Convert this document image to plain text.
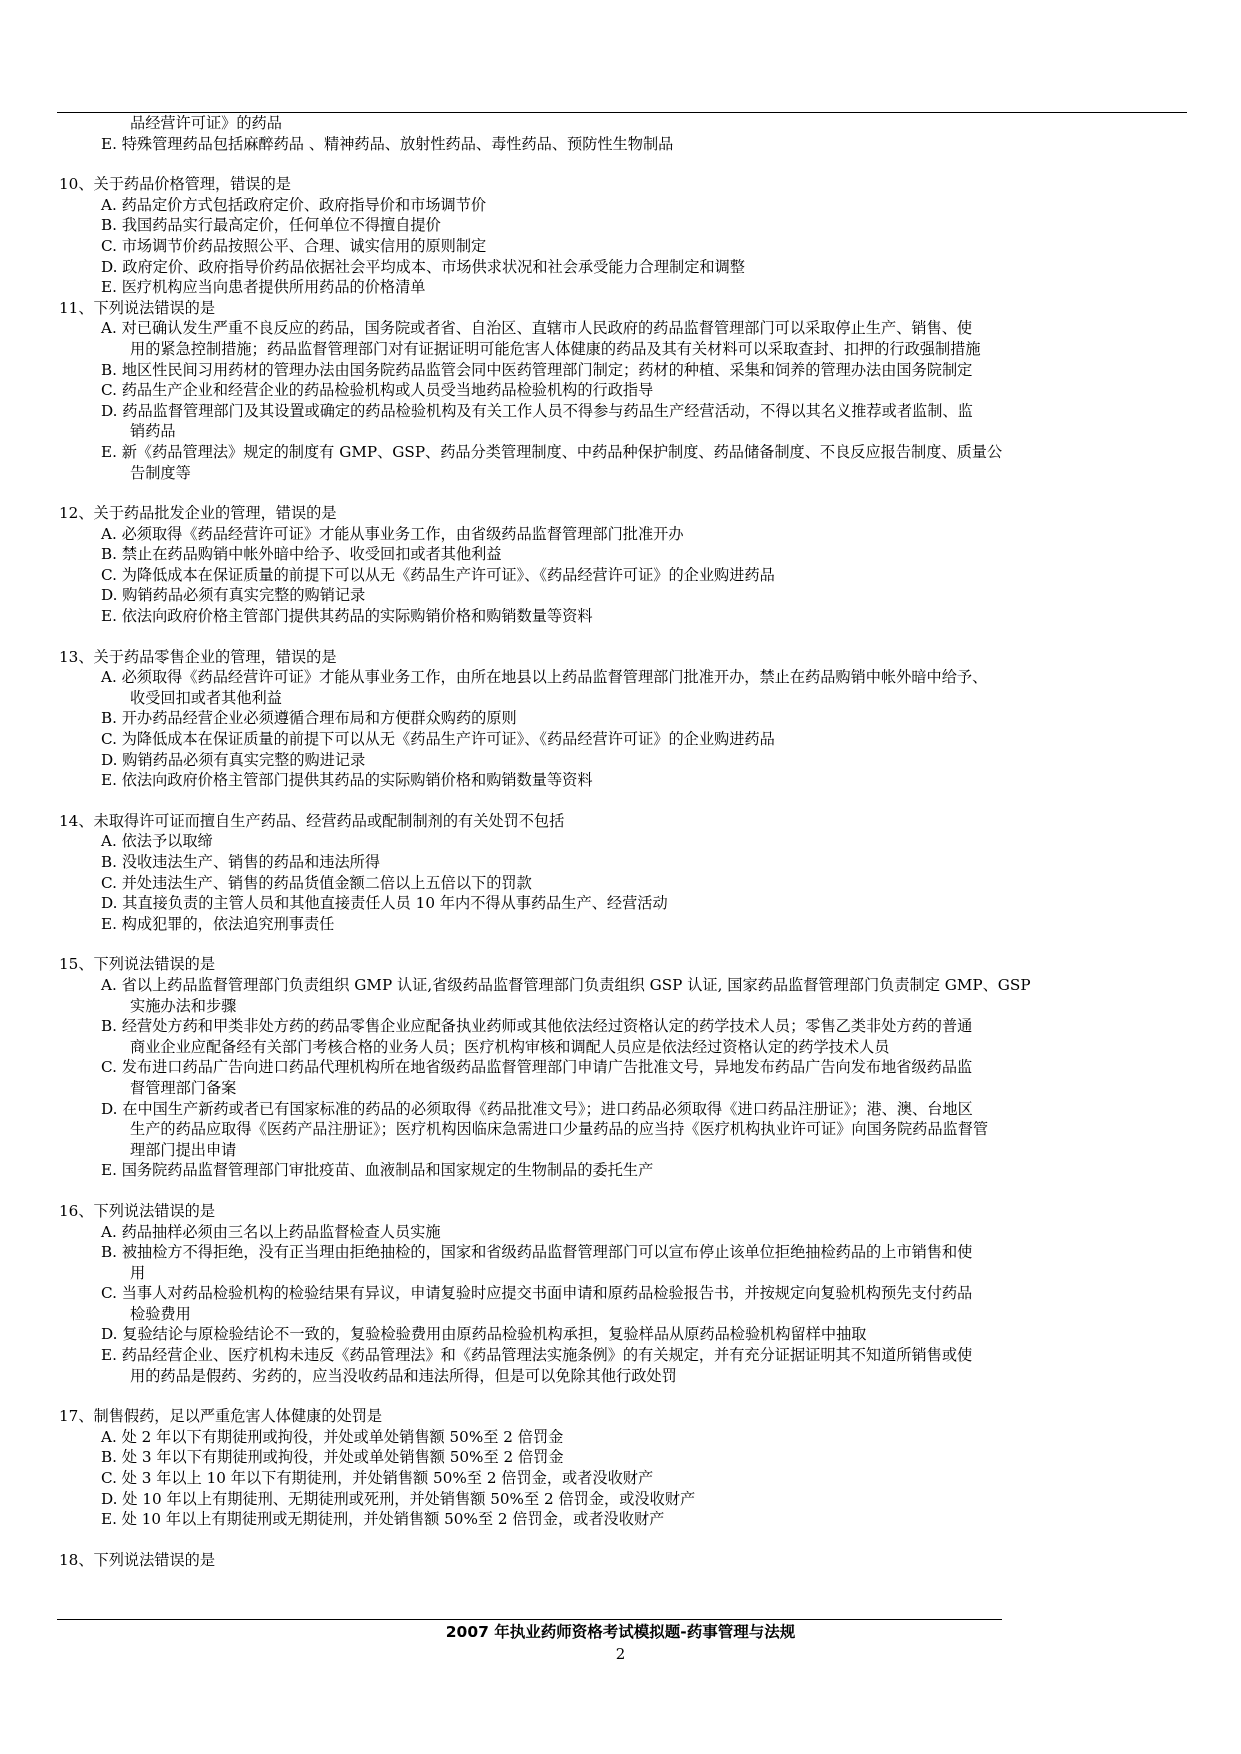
品经营许可证》的药品
E. 特殊管理药品包括麻醉药品 、精神药品、放射性药品、毒性药品、预防性生物制品
10、关于药品价格管理，错误的是
A. 药品定价方式包括政府定价、政府指导价和市场调节价
B. 我国药品实行最高定价，任何单位不得擅自提价
C. 市场调节价药品按照公平、合理、诚实信用的原则制定
D. 政府定价、政府指导价药品依据社会平均成本、市场供求状况和社会承受能力合理制定和调整
E. 医疗机构应当向患者提供所用药品的价格清单
11、下列说法错误的是
A. 对已确认发生严重不良反应的药品，国务院或者省、自治区、直辖市人民政府的药品监督管理部门可以采取停止生产、销售、使
用的紧急控制措施；药品监督管理部门对有证据证明可能危害人体健康的药品及其有关材料可以采取查封、扣押的行政强制措施
B. 地区性民间习用药材的管理办法由国务院药品监管会同中医药管理部门制定；药材的种植、采集和饲养的管理办法由国务院制定
C. 药品生产企业和经营企业的药品检验机构或人员受当地药品检验机构的行政指导
D. 药品监督管理部门及其设置或确定的药品检验机构及有关工作人员不得参与药品生产经营活动，不得以其名义推荐或者监制、监
销药品
E. 新《药品管理法》规定的制度有 GMP、GSP、药品分类管理制度、中药品种保护制度、药品储备制度、不良反应报告制度、质量公
告制度等
12、关于药品批发企业的管理，错误的是
A. 必须取得《药品经营许可证》才能从事业务工作，由省级药品监督管理部门批准开办
B. 禁止在药品购销中帐外暗中给予、收受回扣或者其他利益
C. 为降低成本在保证质量的前提下可以从无《药品生产许可证》、《药品经营许可证》的企业购进药品
D. 购销药品必须有真实完整的购销记录
E. 依法向政府价格主管部门提供其药品的实际购销价格和购销数量等资料
13、关于药品零售企业的管理，错误的是
A. 必须取得《药品经营许可证》才能从事业务工作，由所在地县以上药品监督管理部门批准开办，禁止在药品购销中帐外暗中给予、
收受回扣或者其他利益
B. 开办药品经营企业必须遵循合理布局和方便群众购药的原则
C. 为降低成本在保证质量的前提下可以从无《药品生产许可证》、《药品经营许可证》的企业购进药品
D. 购销药品必须有真实完整的购进记录
E. 依法向政府价格主管部门提供其药品的实际购销价格和购销数量等资料
14、未取得许可证而擅自生产药品、经营药品或配制制剂的有关处罚不包括
A. 依法予以取缔
B. 没收违法生产、销售的药品和违法所得
C. 并处违法生产、销售的药品货值金额二倍以上五倍以下的罚款
D. 其直接负责的主管人员和其他直接责任人员 10 年内不得从事药品生产、经营活动
E. 构成犯罪的，依法追究刑事责任
15、下列说法错误的是
A. 省以上药品监督管理部门负责组织 GMP 认证,省级药品监督管理部门负责组织 GSP 认证, 国家药品监督管理部门负责制定 GMP、GSP
实施办法和步骤
B. 经营处方药和甲类非处方药的药品零售企业应配备执业药师或其他依法经过资格认定的药学技术人员；零售乙类非处方药的普通
商业企业应配备经有关部门考核合格的业务人员；医疗机构审核和调配人员应是依法经过资格认定的药学技术人员
C. 发布进口药品广告向进口药品代理机构所在地省级药品监督管理部门申请广告批准文号，异地发布药品广告向发布地省级药品监
督管理部门备案
D. 在中国生产新药或者已有国家标准的药品的必须取得《药品批准文号》；进口药品必须取得《进口药品注册证》；港、澳、台地区
生产的药品应取得《医药产品注册证》；医疗机构因临床急需进口少量药品的应当持《医疗机构执业许可证》向国务院药品监督管
理部门提出申请
E. 国务院药品监督管理部门审批疫苗、血液制品和国家规定的生物制品的委托生产
16、下列说法错误的是
A. 药品抽样必须由三名以上药品监督检查人员实施
B. 被抽检方不得拒绝，没有正当理由拒绝抽检的，国家和省级药品监督管理部门可以宣布停止该单位拒绝抽检药品的上市销售和使
用
C. 当事人对药品检验机构的检验结果有异议，申请复验时应提交书面申请和原药品检验报告书，并按规定向复验机构预先支付药品
检验费用
D. 复验结论与原检验结论不一致的，复验检验费用由原药品检验机构承担，复验样品从原药品检验机构留样中抽取
E. 药品经营企业、医疗机构未违反《药品管理法》和《药品管理法实施条例》的有关规定，并有充分证据证明其不知道所销售或使
用的药品是假药、劣药的，应当没收药品和违法所得，但是可以免除其他行政处罚
17、制售假药，足以严重危害人体健康的处罚是
A. 处 2 年以下有期徒刑或拘役，并处或单处销售额 50%至 2 倍罚金
B. 处 3 年以下有期徒刑或拘役，并处或单处销售额 50%至 2 倍罚金
C. 处 3 年以上 10 年以下有期徒刑，并处销售额 50%至 2 倍罚金，或者没收财产
D. 处 10 年以上有期徒刑、无期徒刑或死刑，并处销售额 50%至 2 倍罚金，或没收财产
E. 处 10 年以上有期徒刑或无期徒刑，并处销售额 50%至 2 倍罚金，或者没收财产
18、下列说法错误的是
2007 年执业药师资格考试模拟题-药事管理与法规
2
